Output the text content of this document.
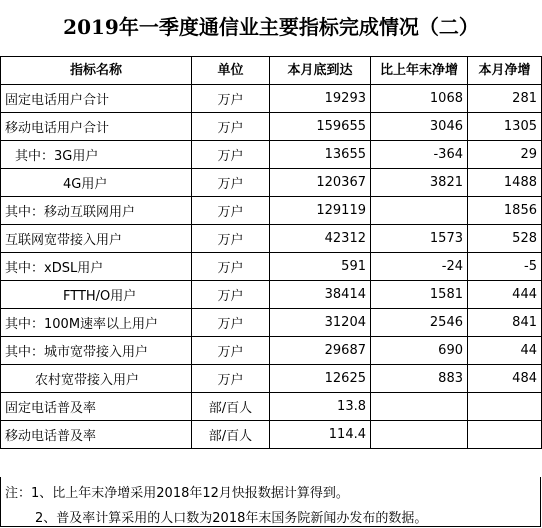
2019年一季度通信业主要指标完成情况（二）
指标名称	单位	本月底到达	比上年末净增	本月净增
固定电话用户合计	万户	19293	1068	281
移动电话用户合计	万户	159655	3046	1305
其中：3G用户	万户	13655	-364	29
4G用户	万户	120367	3821	1488
其中：移动互联网用户	万户	129119		1856
互联网宽带接入用户	万户	42312	1573	528
其中：xDSL用户	万户	591	-24	-5
FTTH/O用户	万户	38414	1581	444
其中：100M速率以上用户	万户	31204	2546	841
其中：城市宽带接入用户	万户	29687	690	44
农村宽带接入用户	万户	12625	883	484
固定电话普及率	部/百人	13.8		
移动电话普及率	部/百人	114.4		
注：1、比上年末净增采用2018年12月快报数据计算得到。
2、普及率计算采用的人口数为2018年末国务院新闻办发布的数据。
